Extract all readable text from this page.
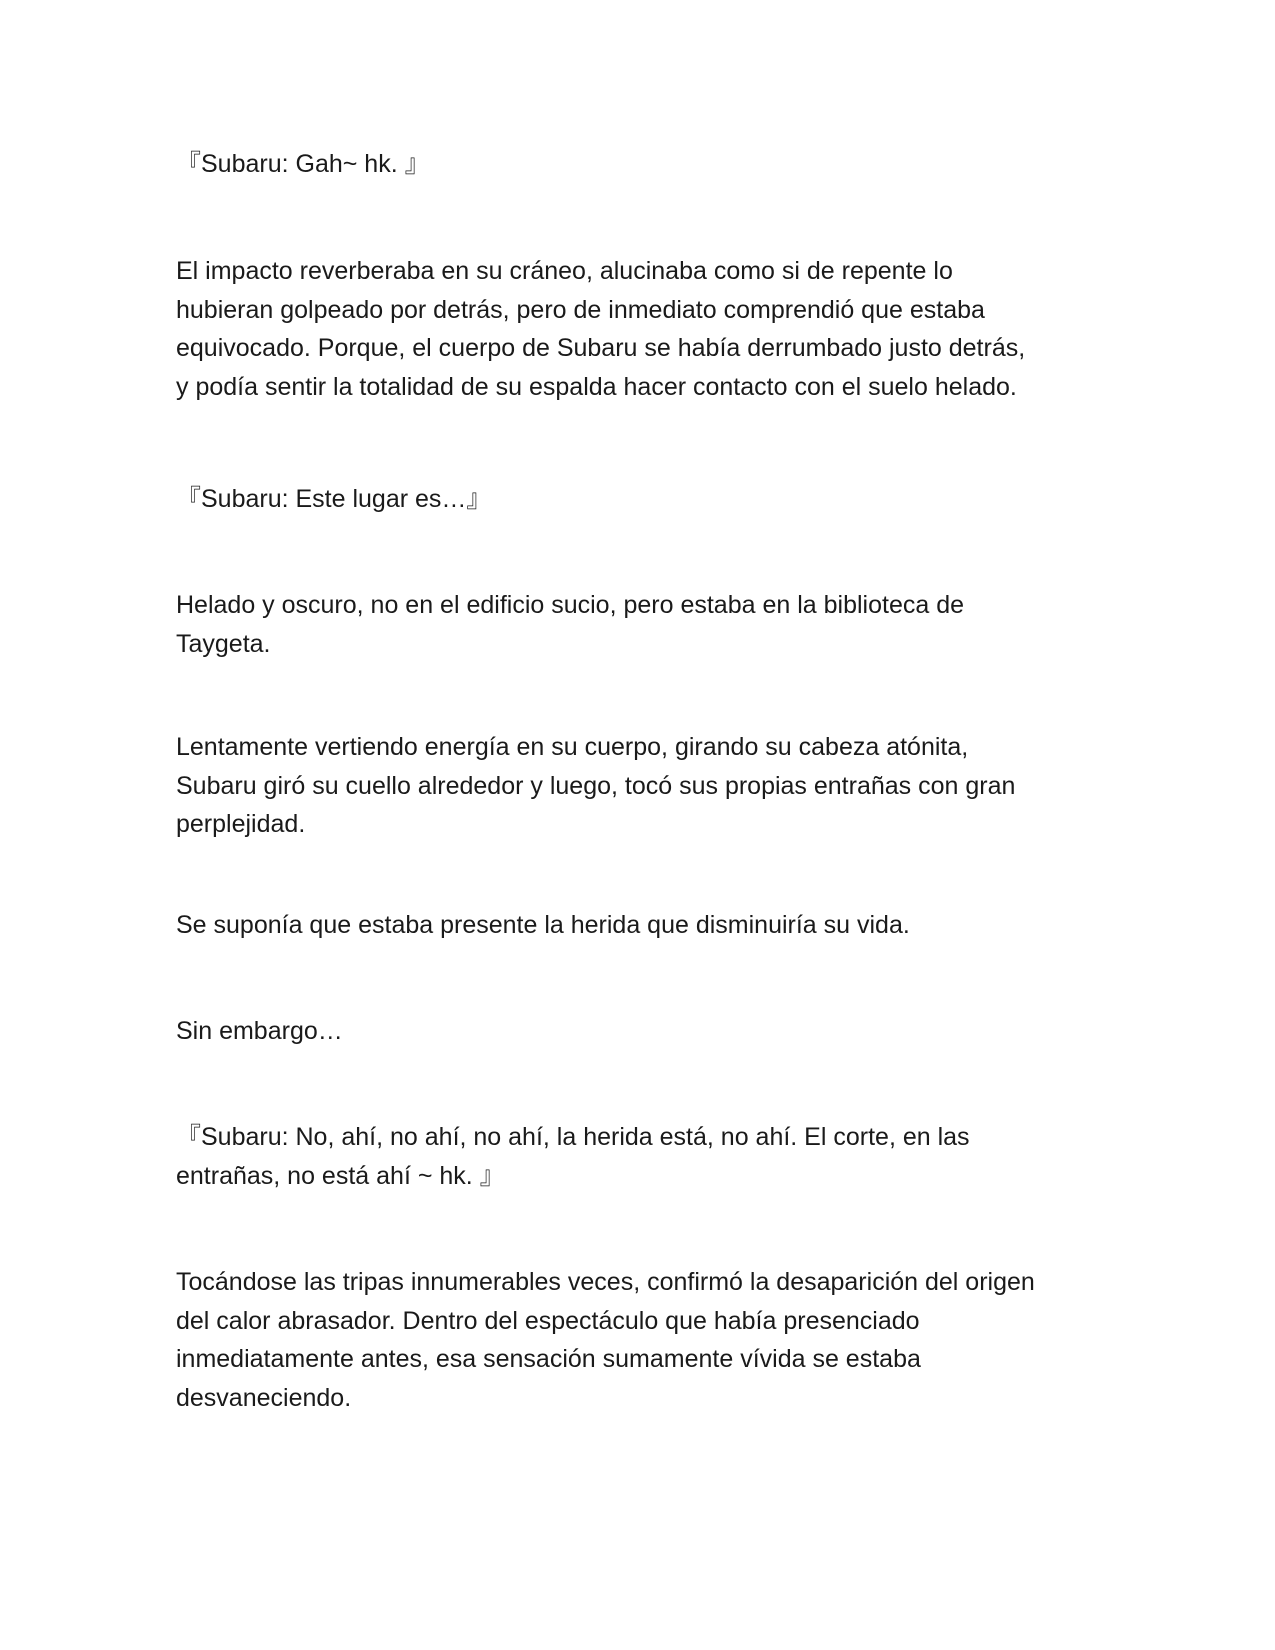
『Subaru: Gah~ hk. 』

El impacto reverberaba en su cráneo, alucinaba como si de repente lo
hubieran golpeado por detrás, pero de inmediato comprendió que estaba
equivocado. Porque, el cuerpo de Subaru se había derrumbado justo detrás,
y podía sentir la totalidad de su espalda hacer contacto con el suelo helado.

『Subaru: Este lugar es…』

Helado y oscuro, no en el edificio sucio, pero estaba en la biblioteca de
Taygeta.

Lentamente vertiendo energía en su cuerpo, girando su cabeza atónita,
Subaru giró su cuello alrededor y luego, tocó sus propias entrañas con gran
perplejidad.

Se suponía que estaba presente la herida que disminuiría su vida.

Sin embargo…

『Subaru: No, ahí, no ahí, no ahí, la herida está, no ahí. El corte, en las
entrañas, no está ahí ~ hk. 』

Tocándose las tripas innumerables veces, confirmó la desaparición del origen
del calor abrasador. Dentro del espectáculo que había presenciado
inmediatamente antes, esa sensación sumamente vívida se estaba
desvaneciendo.
